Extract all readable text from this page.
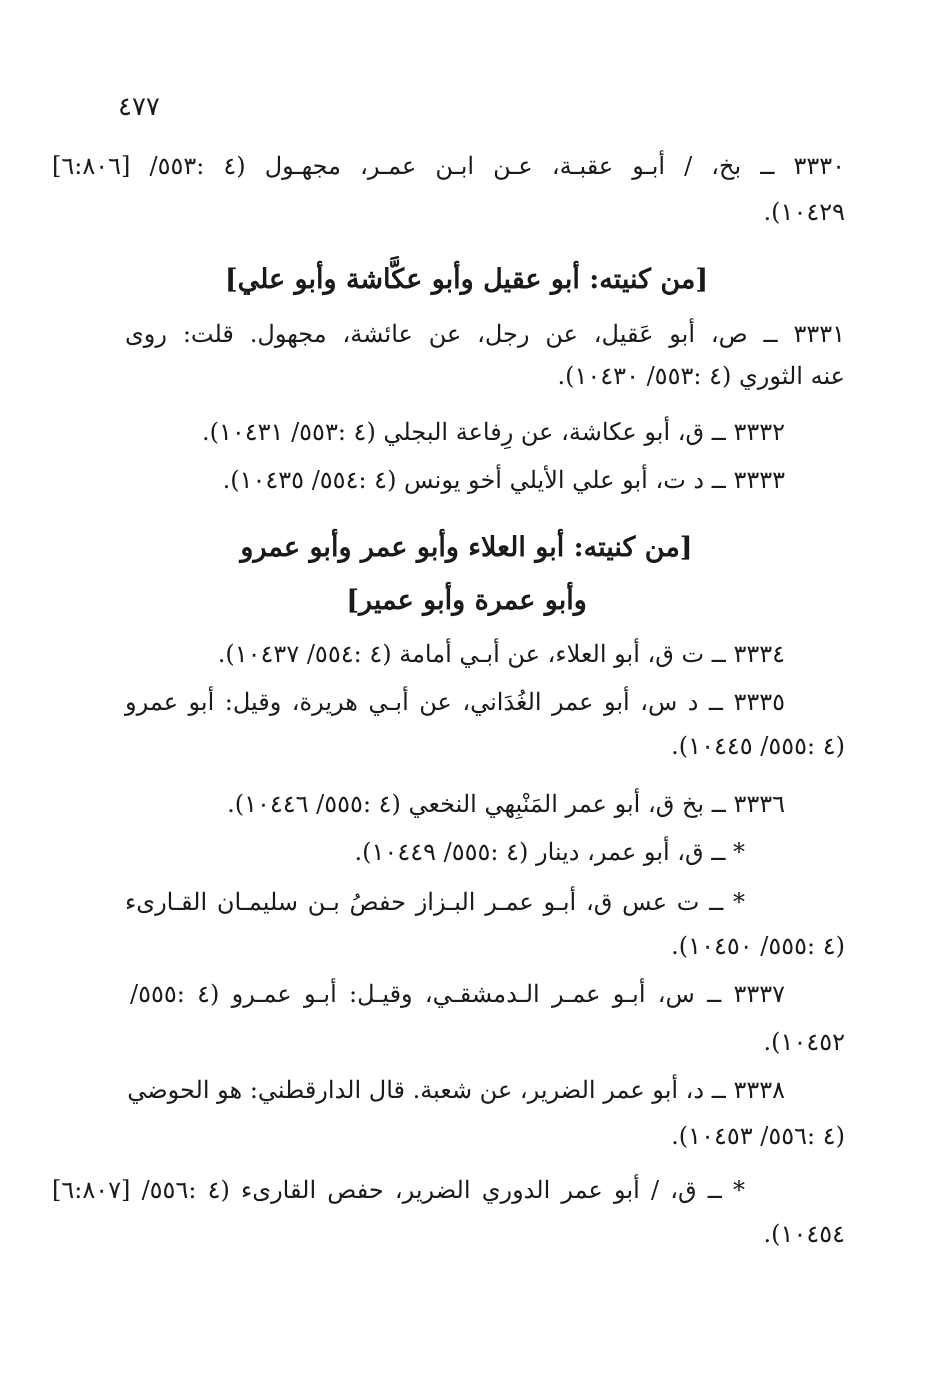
٤٧٧
٣٣٣٠ ــ بخ، / أبـو عقبـة، عـن ابـن عمـر، مجهـول (٤ :٥٥٣/ [٦:٨٠٦]
١٠٤٢٩).
[من كنيته: أبو عقيل وأبو عكَّاشة وأبو علي]
٣٣٣١ ــ ص، أبو عَقيل، عن رجل، عن عائشة، مجهول. قلت: روى
عنه الثوري (٤ :٥٥٣/ ١٠٤٣٠).
٣٣٣٢ ــ ق، أبو عكاشة، عن رِفاعة البجلي (٤ :٥٥٣/ ١٠٤٣١).
٣٣٣٣ ــ د ت، أبو علي الأيلي أخو يونس (٤ :٥٥٤/ ١٠٤٣٥).
[من كنيته: أبو العلاء وأبو عمر وأبو عمرو
وأبو عمرة وأبو عمير]
٣٣٣٤ ــ ت ق، أبو العلاء، عن أبـي أمامة (٤ :٥٥٤/ ١٠٤٣٧).
٣٣٣٥ ــ د س، أبو عمر الغُدَاني، عن أبـي هريرة، وقيل: أبو عمرو
(٤ :٥٥٥/ ١٠٤٤٥).
٣٣٣٦ ــ بخ ق، أبو عمر المَنْبِهي النخعي (٤ :٥٥٥/ ١٠٤٤٦).
* ــ ق، أبو عمر، دينار (٤ :٥٥٥/ ١٠٤٤٩).
* ــ ت عس ق، أبـو عمـر البـزاز حفصُ بـن سليمـان القـارىء
(٤ :٥٥٥/ ١٠٤٥٠).
٣٣٣٧ ــ س، أبـو عمـر الـدمشقـي، وقيـل: أبـو عمـرو (٤ :٥٥٥/
١٠٤٥٢).
٣٣٣٨ ــ د، أبو عمر الضرير، عن شعبة. قال الدارقطني: هو الحوضي
(٤ :٥٥٦/ ١٠٤٥٣).
* ــ ق، / أبو عمر الدوري الضرير، حفص القارىء (٤ :٥٥٦/ [٦:٨٠٧]
١٠٤٥٤).
